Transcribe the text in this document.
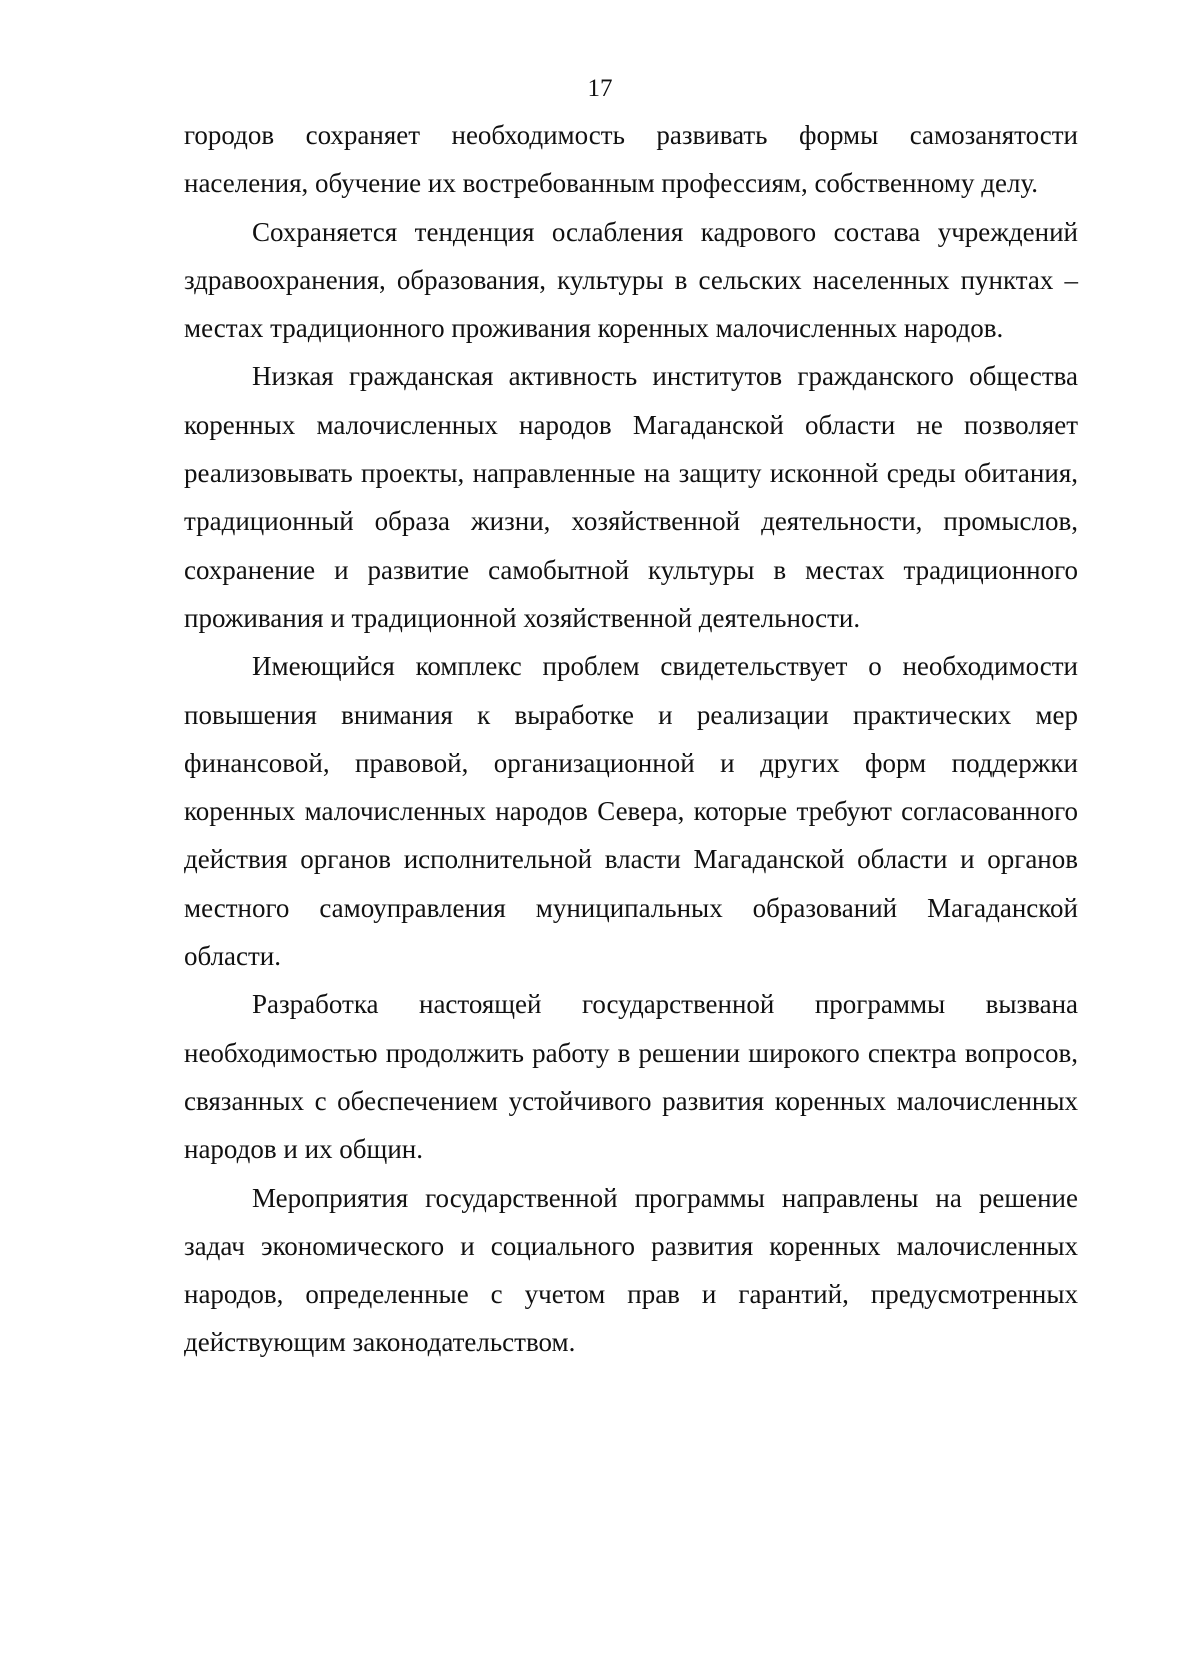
17

городов сохраняет необходимость развивать формы самозанятости населения, обучение их востребованным профессиям, собственному делу.

Сохраняется тенденция ослабления кадрового состава учреждений здравоохранения, образования, культуры в сельских населенных пунктах – местах традиционного проживания коренных малочисленных народов.

Низкая гражданская активность институтов гражданского общества коренных малочисленных народов Магаданской области не позволяет реализовывать проекты, направленные на защиту исконной среды обитания, традиционный образа жизни, хозяйственной деятельности, промыслов, сохранение и развитие самобытной культуры в местах традиционного проживания и традиционной хозяйственной деятельности.

Имеющийся комплекс проблем свидетельствует о необходимости повышения внимания к выработке и реализации практических мер финансовой, правовой, организационной и других форм поддержки коренных малочисленных народов Севера, которые требуют согласованного действия органов исполнительной власти Магаданской области и органов местного самоуправления муниципальных образований Магаданской области.

Разработка настоящей государственной программы вызвана необходимостью продолжить работу в решении широкого спектра вопросов, связанных с обеспечением устойчивого развития коренных малочисленных народов и их общин.

Мероприятия государственной программы направлены на решение задач экономического и социального развития коренных малочисленных народов, определенные с учетом прав и гарантий, предусмотренных действующим законодательством.
